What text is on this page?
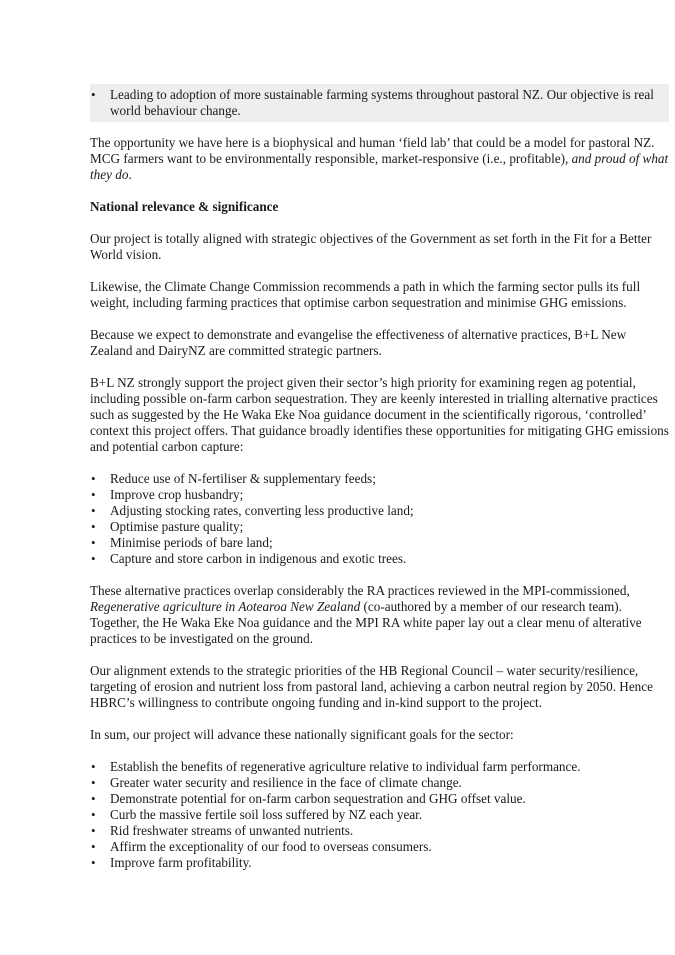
• Leading to adoption of more sustainable farming systems throughout pastoral NZ. Our objective is real world behaviour change.

The opportunity we have here is a biophysical and human ‘field lab’ that could be a model for pastoral NZ. MCG farmers want to be environmentally responsible, market-responsive (i.e., profitable), and proud of what they do.

National relevance & significance

Our project is totally aligned with strategic objectives of the Government as set forth in the Fit for a Better World vision.

Likewise, the Climate Change Commission recommends a path in which the farming sector pulls its full weight, including farming practices that optimise carbon sequestration and minimise GHG emissions.

Because we expect to demonstrate and evangelise the effectiveness of alternative practices, B+L New Zealand and DairyNZ are committed strategic partners.

B+L NZ strongly support the project given their sector’s high priority for examining regen ag potential, including possible on-farm carbon sequestration. They are keenly interested in trialling alternative practices such as suggested by the He Waka Eke Noa guidance document in the scientifically rigorous, ‘controlled’ context this project offers. That guidance broadly identifies these opportunities for mitigating GHG emissions and potential carbon capture:

• Reduce use of N-fertiliser & supplementary feeds;
• Improve crop husbandry;
• Adjusting stocking rates, converting less productive land;
• Optimise pasture quality;
• Minimise periods of bare land;
• Capture and store carbon in indigenous and exotic trees.

These alternative practices overlap considerably the RA practices reviewed in the MPI-commissioned, Regenerative agriculture in Aotearoa New Zealand (co-authored by a member of our research team). Together, the He Waka Eke Noa guidance and the MPI RA white paper lay out a clear menu of alterative practices to be investigated on the ground.

Our alignment extends to the strategic priorities of the HB Regional Council – water security/resilience, targeting of erosion and nutrient loss from pastoral land, achieving a carbon neutral region by 2050. Hence HBRC’s willingness to contribute ongoing funding and in-kind support to the project.

In sum, our project will advance these nationally significant goals for the sector:

• Establish the benefits of regenerative agriculture relative to individual farm performance.
• Greater water security and resilience in the face of climate change.
• Demonstrate potential for on-farm carbon sequestration and GHG offset value.
• Curb the massive fertile soil loss suffered by NZ each year.
• Rid freshwater streams of unwanted nutrients.
• Affirm the exceptionality of our food to overseas consumers.
• Improve farm profitability.
